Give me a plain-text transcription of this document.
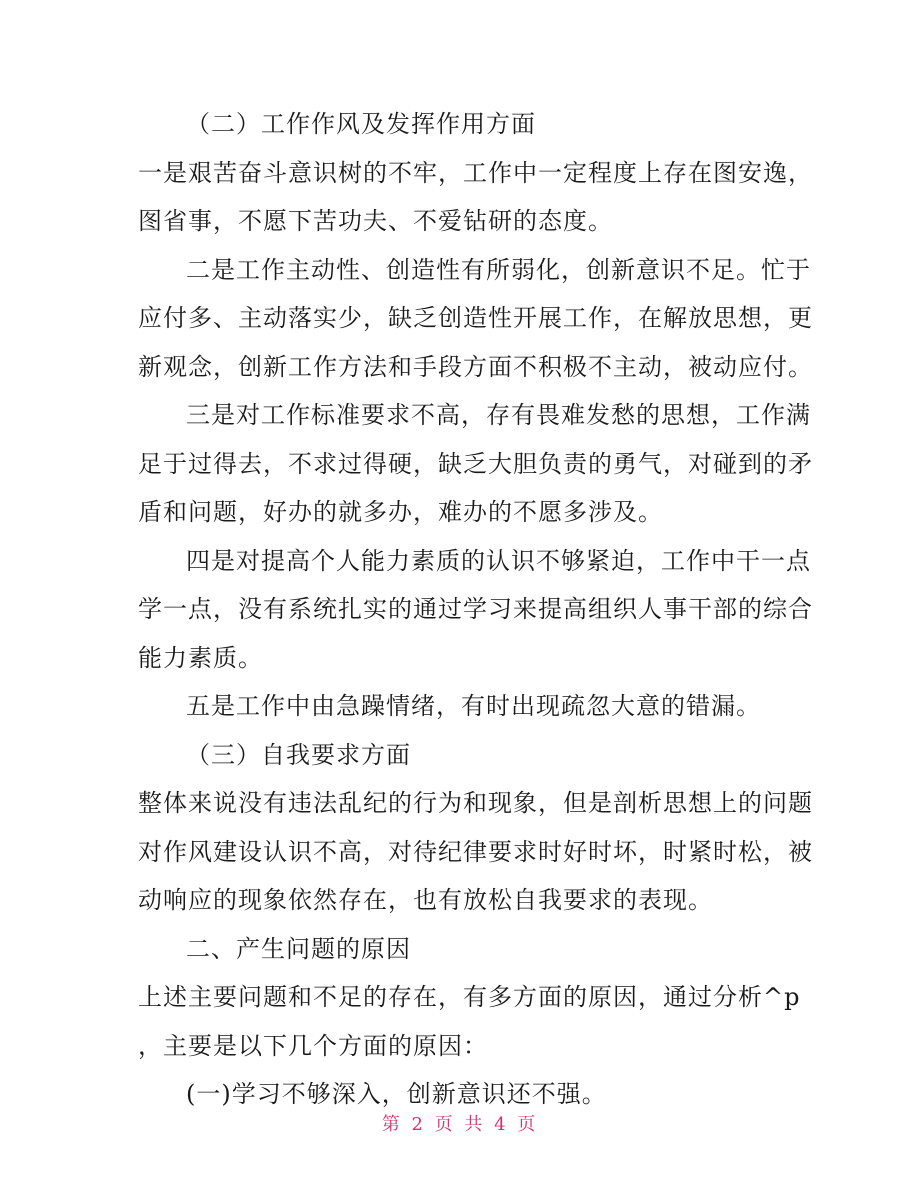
（二）工作作风及发挥作用方面
一是艰苦奋斗意识树的不牢，工作中一定程度上存在图安逸，
图省事，不愿下苦功夫、不爱钻研的态度。
二是工作主动性、创造性有所弱化，创新意识不足。忙于
应付多、主动落实少，缺乏创造性开展工作，在解放思想，更
新观念，创新工作方法和手段方面不积极不主动，被动应付。
三是对工作标准要求不高，存有畏难发愁的思想，工作满
足于过得去，不求过得硬，缺乏大胆负责的勇气，对碰到的矛
盾和问题，好办的就多办，难办的不愿多涉及。
四是对提高个人能力素质的认识不够紧迫，工作中干一点
学一点，没有系统扎实的通过学习来提高组织人事干部的综合
能力素质。
五是工作中由急躁情绪，有时出现疏忽大意的错漏。
（三）自我要求方面
整体来说没有违法乱纪的行为和现象，但是剖析思想上的问题
对作风建设认识不高，对待纪律要求时好时坏，时紧时松，被
动响应的现象依然存在，也有放松自我要求的表现。
二、产生问题的原因
上述主要问题和不足的存在，有多方面的原因，通过分析^p
，主要是以下几个方面的原因：
(一)学习不够深入，创新意识还不强。
第 2 页 共 4 页
